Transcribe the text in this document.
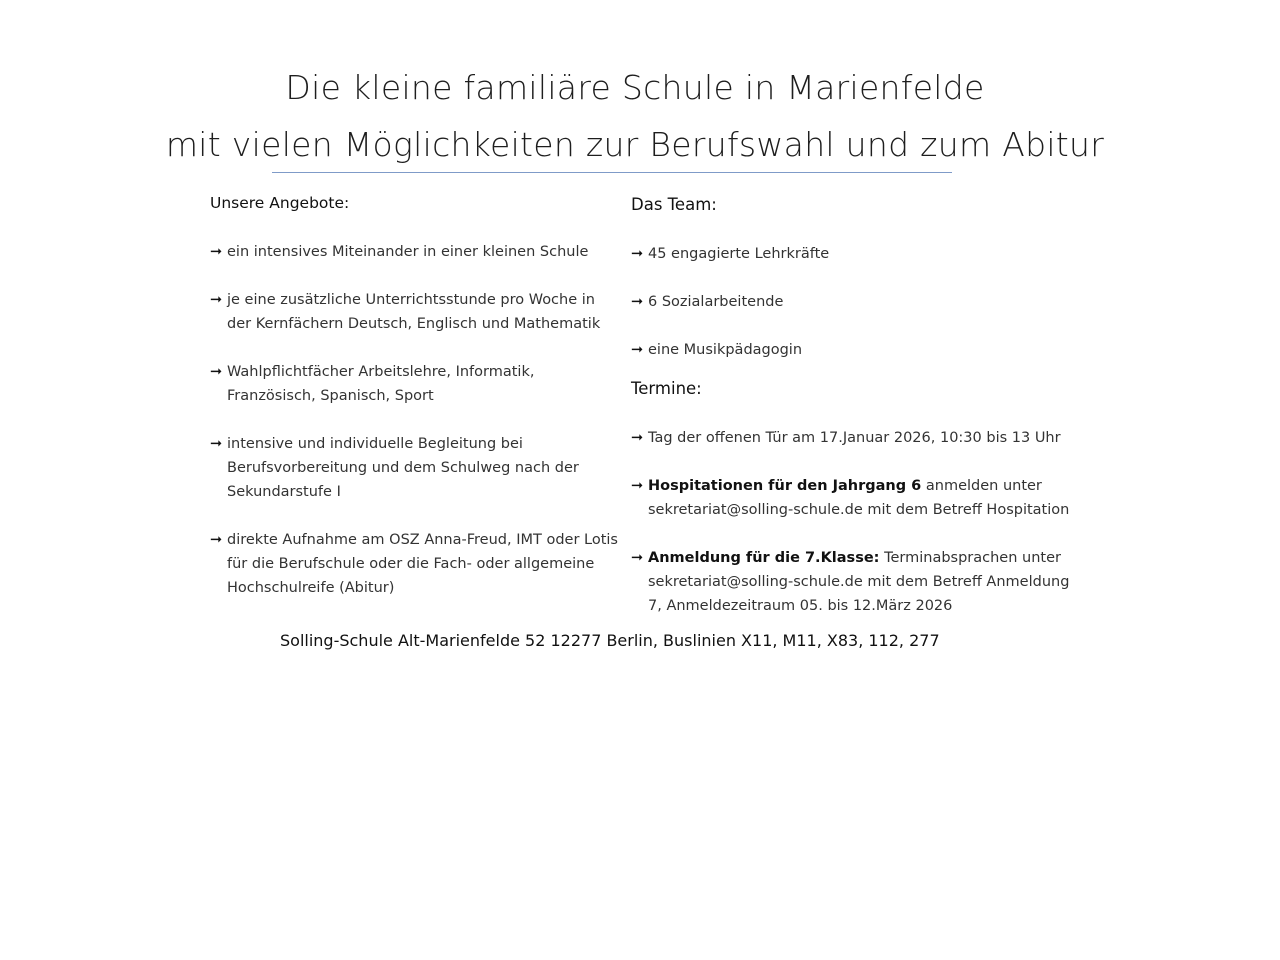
Die kleine familiäre Schule in Marienfelde
mit vielen Möglichkeiten zur Berufswahl und zum Abitur
Unsere Angebote:
➞ ein intensives Miteinander in einer kleinen Schule
➞ je eine zusätzliche Unterrichtsstunde pro Woche in der Kernfächern Deutsch, Englisch und Mathematik
➞ Wahlpflichtfächer Arbeitslehre, Informatik, Französisch, Spanisch, Sport
➞ intensive und individuelle Begleitung bei Berufsvorbereitung und dem Schulweg nach der Sekundarstufe I
➞ direkte Aufnahme am OSZ Anna-Freud, IMT oder Lotis für die Berufschule oder die Fach- oder allgemeine Hochschulreife (Abitur)
Das Team:
➞ 45 engagierte Lehrkräfte
➞ 6 Sozialarbeitende
➞ eine Musikpädagogin
Termine:
➞ Tag der offenen Tür am 17.Januar 2026, 10:30 bis 13 Uhr
➞ Hospitationen für den Jahrgang 6 anmelden unter sekretariat@solling-schule.de mit dem Betreff Hospitation
➞ Anmeldung für die 7.Klasse: Terminabsprachen unter sekretariat@solling-schule.de mit dem Betreff Anmeldung 7, Anmeldezeitraum 05. bis 12.März 2026
Solling-Schule Alt-Marienfelde 52 12277 Berlin, Buslinien X11, M11, X83, 112, 277
